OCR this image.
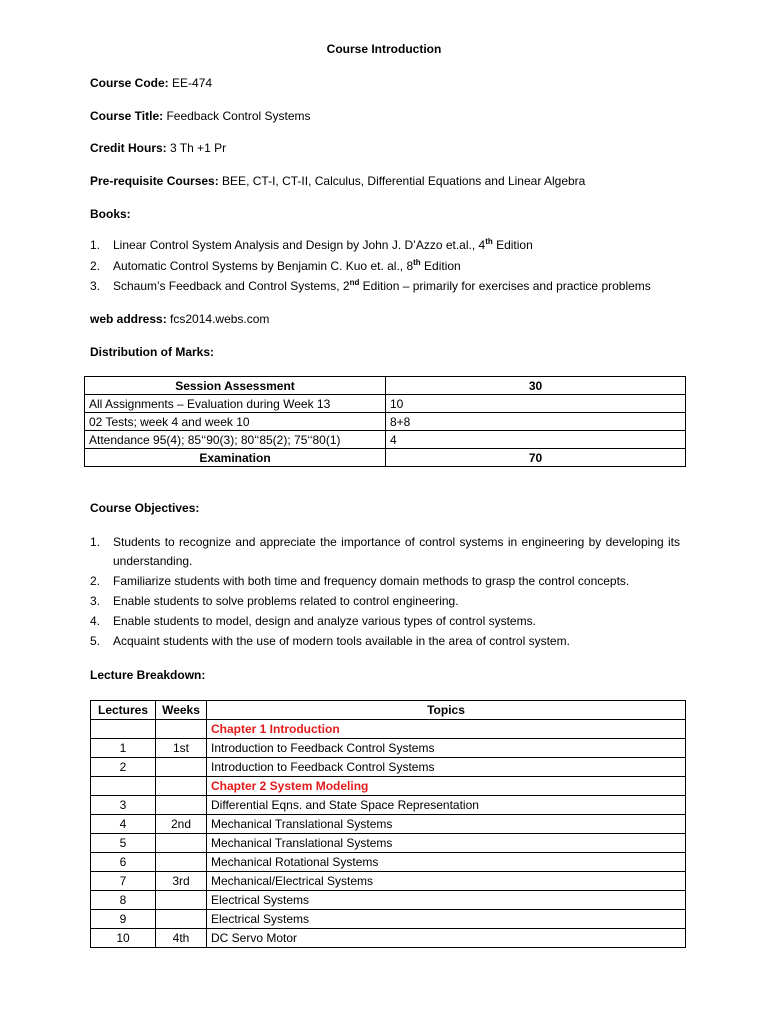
Course Introduction
Course Code: EE-474
Course Title: Feedback Control Systems
Credit Hours: 3 Th +1 Pr
Pre-requisite Courses: BEE, CT-I, CT-II, Calculus, Differential Equations and Linear Algebra
Books:
1.	Linear Control System Analysis and Design by John J. D’Azzo et.al., 4th Edition
2.	Automatic Control Systems by Benjamin C. Kuo et. al., 8th Edition
3.	Schaum’s Feedback and Control Systems, 2nd Edition – primarily for exercises and practice problems
web address: fcs2014.webs.com
Distribution of Marks:
Session Assessment	30
All Assignments – Evaluation during Week 13	10
02 Tests; week 4 and week 10	8+8
Attendance 95(4); 85‘‘90(3); 80‘‘85(2); 75‘‘80(1)	4
Examination	70
Course Objectives:
1.	Students to recognize and appreciate the importance of control systems in engineering by developing its understanding.
2.	Familiarize students with both time and frequency domain methods to grasp the control concepts.
3.	Enable students to solve problems related to control engineering.
4.	Enable students to model, design and analyze various types of control systems.
5.	Acquaint students with the use of modern tools available in the area of control system.
Lecture Breakdown:
Lectures	Weeks	Topics
		Chapter 1 Introduction
1	1st	Introduction to Feedback Control Systems
2		Introduction to Feedback Control Systems
		Chapter 2 System Modeling
3		Differential Eqns. and State Space Representation
4	2nd	Mechanical Translational Systems
5		Mechanical Translational Systems
6		Mechanical Rotational Systems
7	3rd	Mechanical/Electrical Systems
8		Electrical Systems
9		Electrical Systems
10	4th	DC Servo Motor
